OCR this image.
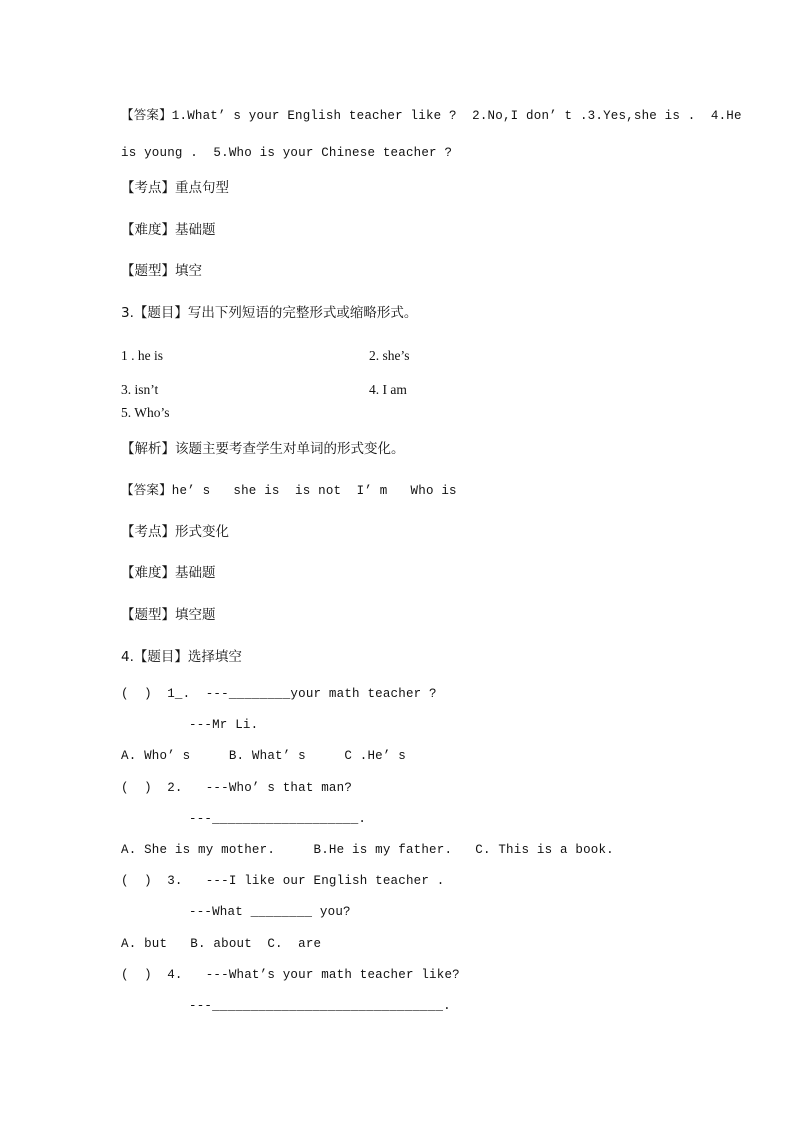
【答案】1.What’ s your English teacher like ?  2.No,I don’ t .3.Yes,she is .  4.He
is young .  5.Who is your Chinese teacher ?
【考点】重点句型
【难度】基础题
【题型】填空
3.【题目】写出下列短语的完整形式或缩略形式。
1 . he is	2. she’s
3. isn’t	4. I am
5. Who’s
【解析】该题主要考查学生对单词的形式变化。
【答案】he’ s   she is  is not  I’ m   Who is
【考点】形式变化
【难度】基础题
【题型】填空题
4.【题目】选择填空
(  )  1_.  ---________your math teacher ?
---Mr Li.
A. Who’ s     B. What’ s     C .He’ s
(  )  2.   ---Who’ s that man?
---___________________.
A. She is my mother.     B.He is my father.   C. This is a book.
(  )  3.   ---I like our English teacher .
---What ________ you?
A. but   B. about  C.  are
(  )  4.   ---What’s your math teacher like?
---______________________________.
